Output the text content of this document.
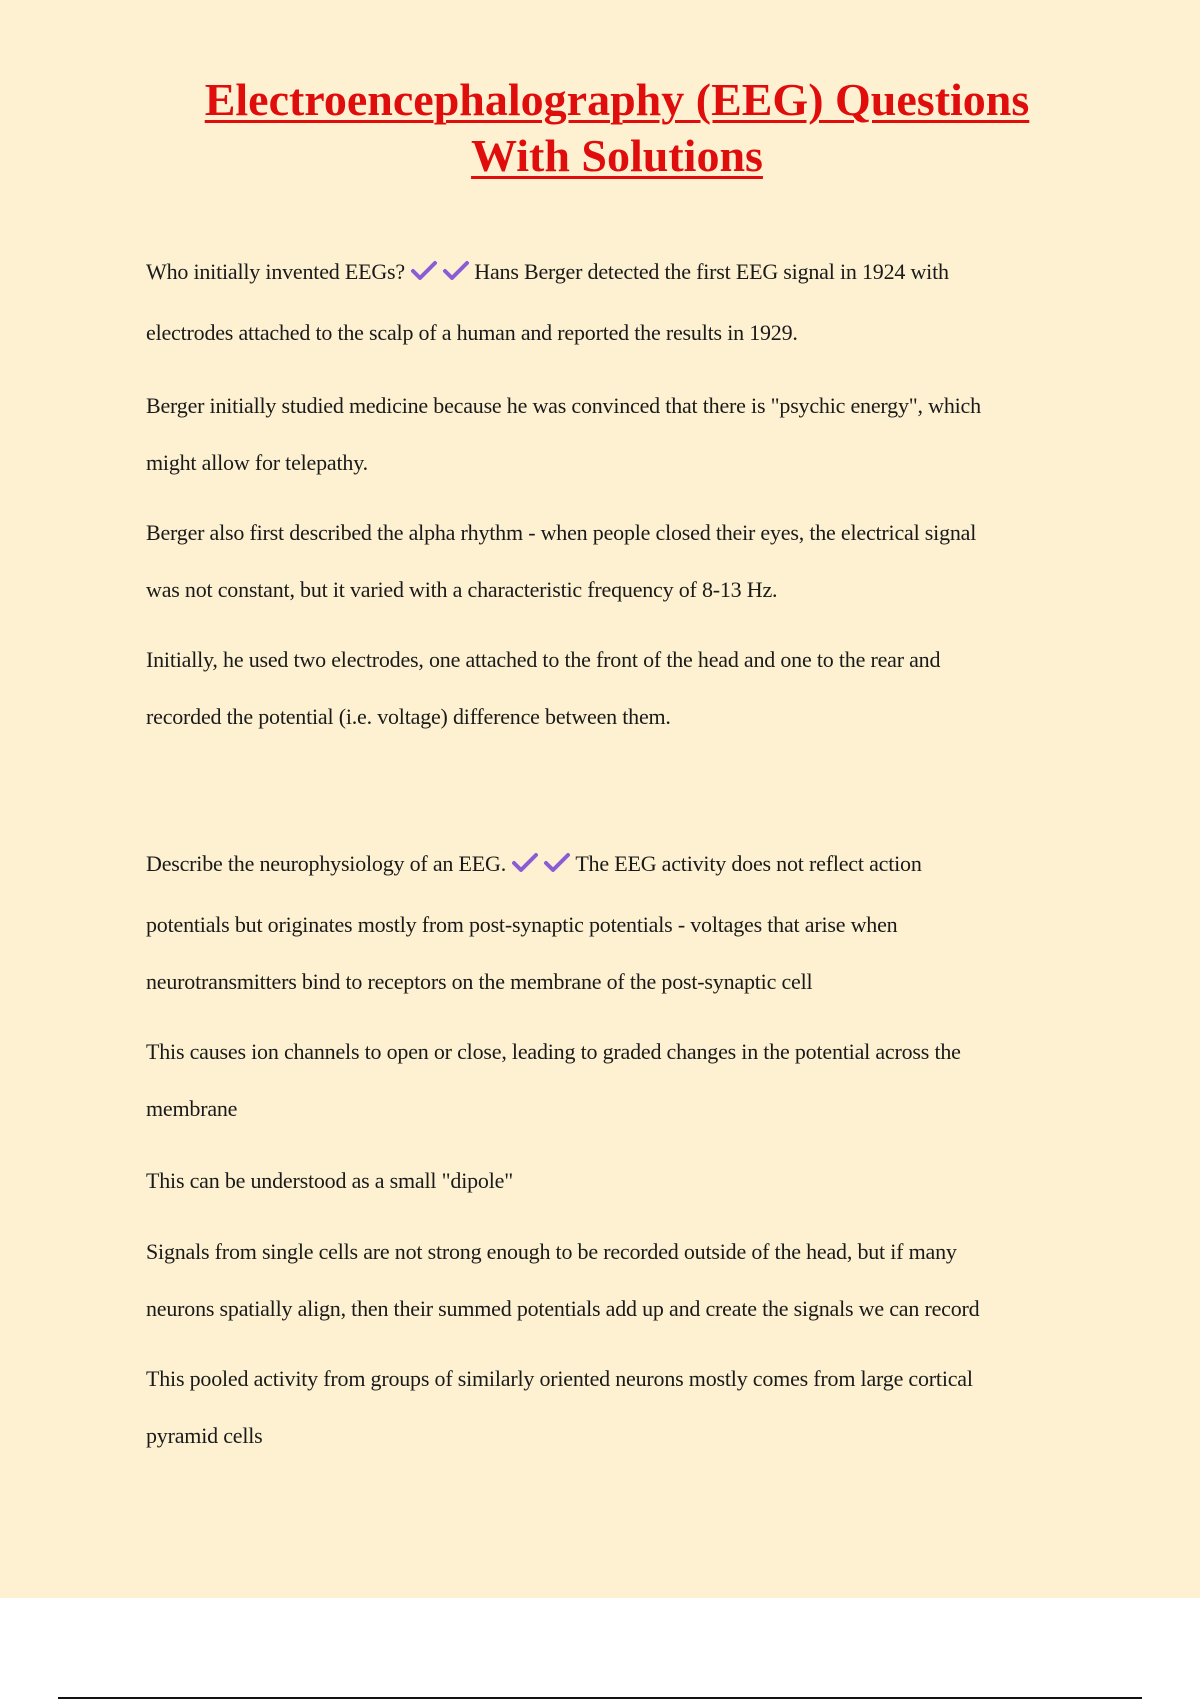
Electroencephalography (EEG) Questions
With Solutions
Who initially invented EEGs?	Hans Berger detected the first EEG signal in 1924 with
electrodes attached to the scalp of a human and reported the results in 1929.
Berger initially studied medicine because he was convinced that there is "psychic energy", which
might allow for telepathy.
Berger also first described the alpha rhythm - when people closed their eyes, the electrical signal
was not constant, but it varied with a characteristic frequency of 8-13 Hz.
Initially, he used two electrodes, one attached to the front of the head and one to the rear and
recorded the potential (i.e. voltage) difference between them.
Describe the neurophysiology of an EEG.	The EEG activity does not reflect action
potentials but originates mostly from post-synaptic potentials - voltages that arise when
neurotransmitters bind to receptors on the membrane of the post-synaptic cell
This causes ion channels to open or close, leading to graded changes in the potential across the
membrane
This can be understood as a small "dipole"
Signals from single cells are not strong enough to be recorded outside of the head, but if many
neurons spatially align, then their summed potentials add up and create the signals we can record
This pooled activity from groups of similarly oriented neurons mostly comes from large cortical
pyramid cells
